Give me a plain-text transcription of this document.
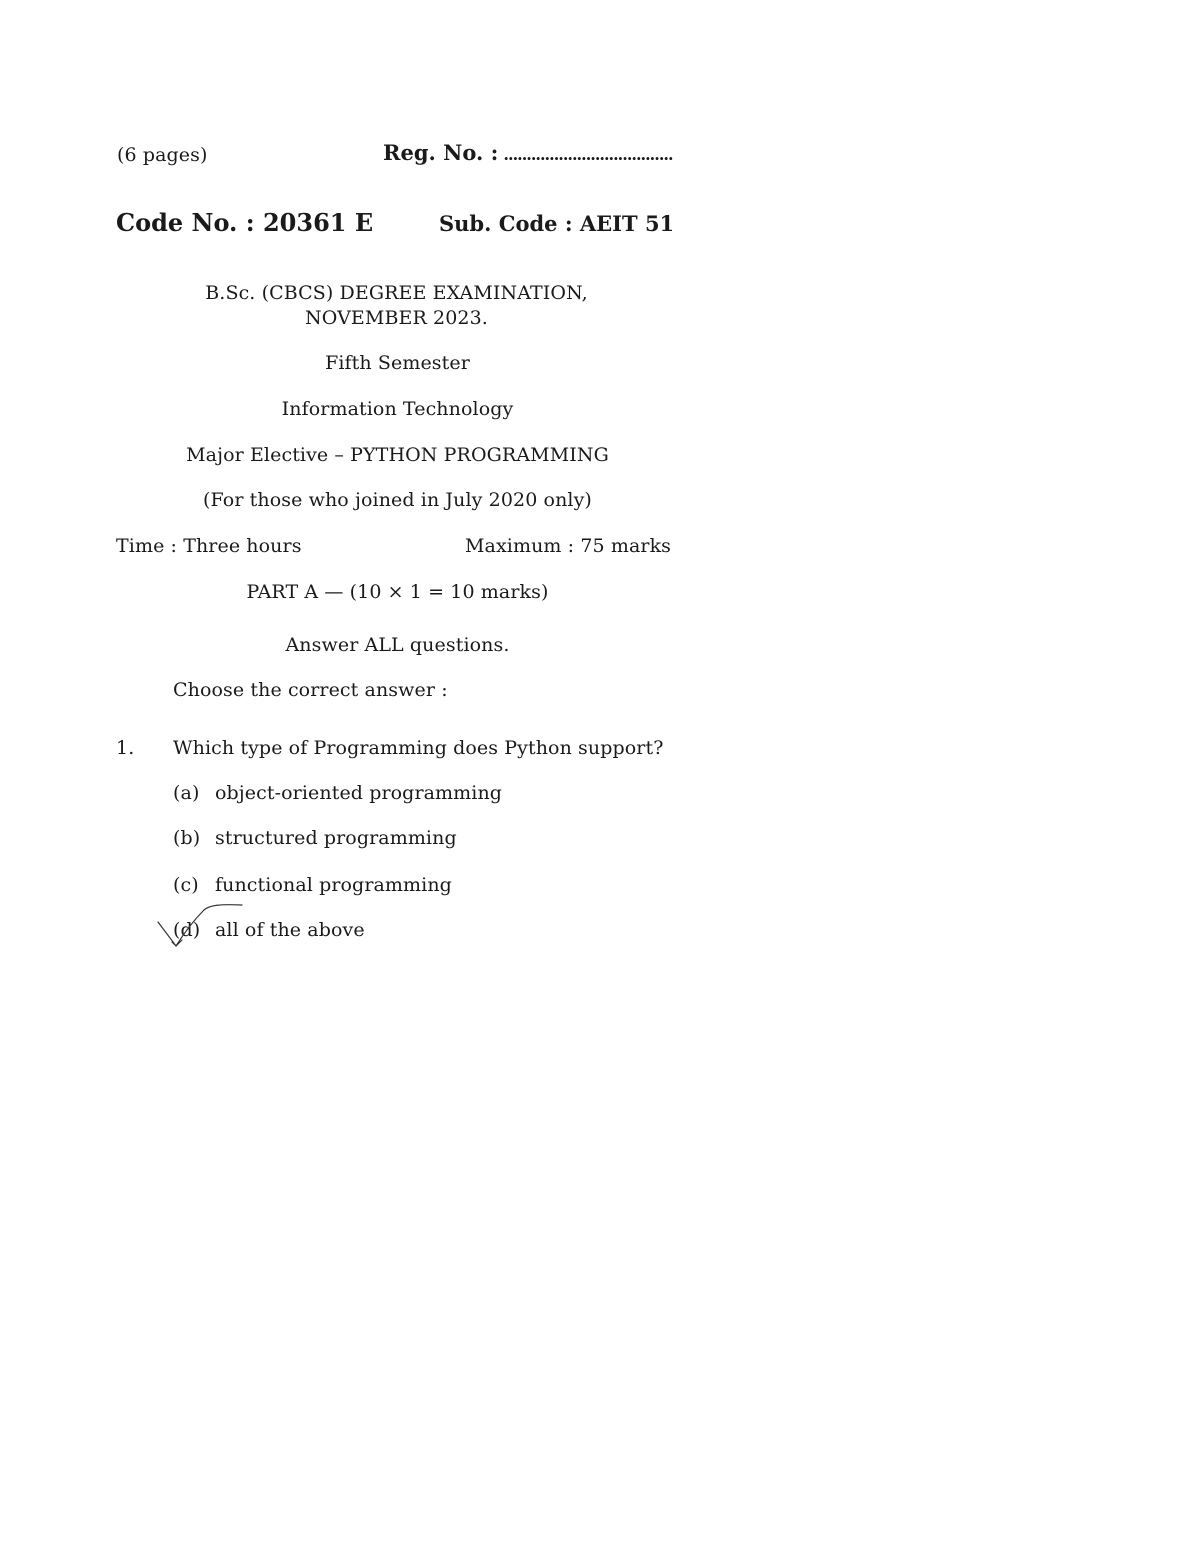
(6 pages)	Reg. No. : .....................................
Code No. : 20361 E	Sub. Code : AEIT 51
B.Sc. (CBCS) DEGREE EXAMINATION,
NOVEMBER 2023.
Fifth Semester
Information Technology
Major Elective – PYTHON PROGRAMMING
(For those who joined in July 2020 only)
Time : Three hours	Maximum : 75 marks
PART A — (10 × 1 = 10 marks)
Answer ALL questions.
Choose the correct answer :
1. Which type of Programming does Python support?
(a) object-oriented programming
(b) structured programming
(c) functional programming
(d) all of the above
